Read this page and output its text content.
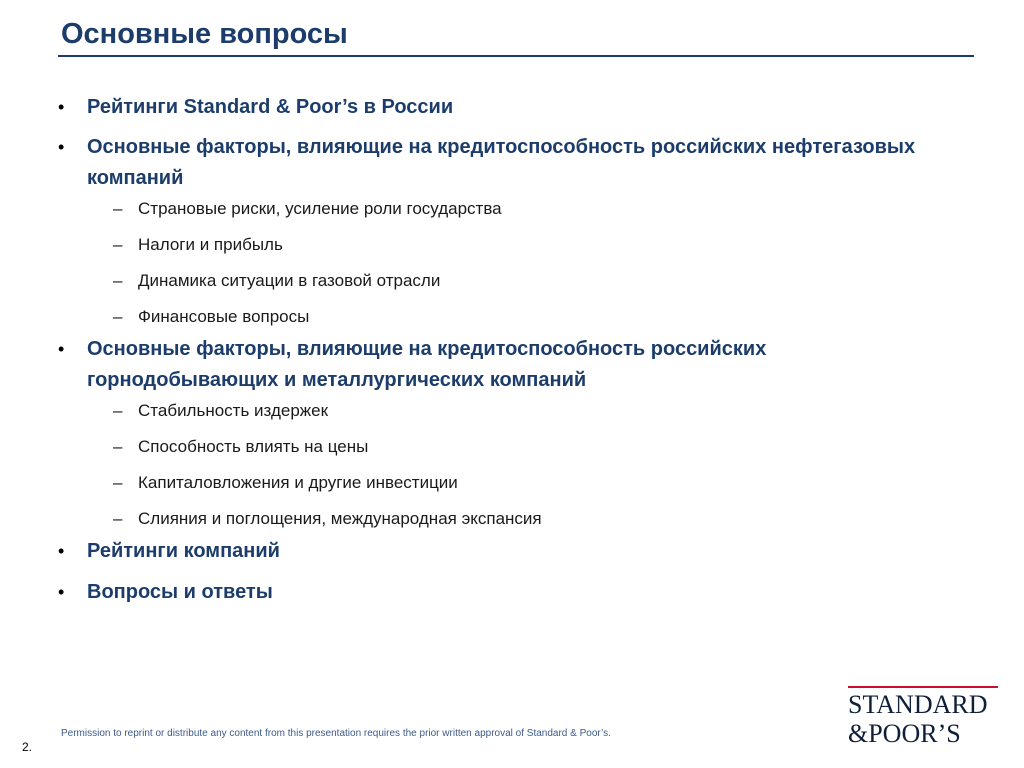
Основные вопросы
• Рейтинги Standard & Poor’s в России
• Основные факторы, влияющие на кредитоспособность российских нефтегазовых компаний
– Страновые риски, усиление роли государства
– Налоги и прибыль
– Динамика ситуации в газовой отрасли
– Финансовые вопросы
• Основные факторы, влияющие на кредитоспособность российских горнодобывающих и металлургических компаний
– Стабильность издержек
– Способность влиять на цены
– Капиталовложения и другие инвестиции
– Слияния и поглощения, международная экспансия
• Рейтинги компаний
• Вопросы и ответы
Permission to reprint or distribute any content from this presentation requires the prior written approval of Standard & Poor’s.
2.
STANDARD
&POOR’S
